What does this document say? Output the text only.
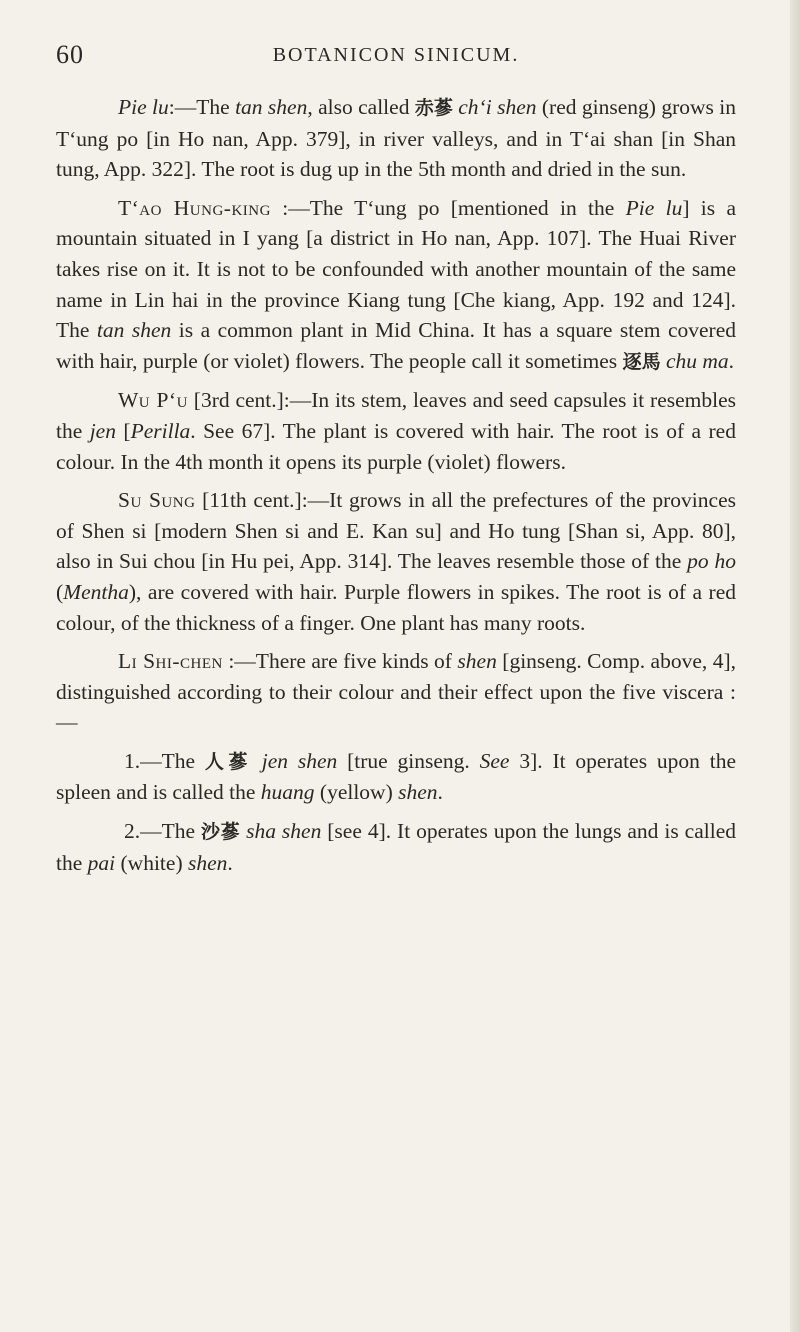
60	BOTANICON SINICUM.

Pie lu:—The tan shen, also called 赤蔘 ch‘i shen (red ginseng) grows in T‘ung po [in Ho nan, App. 379], in river valleys, and in T‘ai shan [in Shan tung, App. 322]. The root is dug up in the 5th month and dried in the sun.

T‘ao Hung-king :—The T‘ung po [mentioned in the Pie lu] is a mountain situated in I yang [a district in Ho nan, App. 107]. The Huai River takes rise on it. It is not to be confounded with another mountain of the same name in Lin hai in the province Kiang tung [Che kiang, App. 192 and 124]. The tan shen is a common plant in Mid China. It has a square stem covered with hair, purple (or violet) flowers. The people call it sometimes 逐馬 chu ma.

Wu P‘u [3rd cent.]:—In its stem, leaves and seed capsules it resembles the jen [Perilla. See 67]. The plant is covered with hair. The root is of a red colour. In the 4th month it opens its purple (violet) flowers.

Su Sung [11th cent.]:—It grows in all the prefectures of the provinces of Shen si [modern Shen si and E. Kan su] and Ho tung [Shan si, App. 80], also in Sui chou [in Hu pei, App. 314]. The leaves resemble those of the po ho (Mentha), are covered with hair. Purple flowers in spikes. The root is of a red colour, of the thickness of a finger. One plant has many roots.

Li Shi-chen :—There are five kinds of shen [ginseng. Comp. above, 4], distinguished according to their colour and their effect upon the five viscera :—

1.—The 人蔘 jen shen [true ginseng. See 3]. It operates upon the spleen and is called the huang (yellow) shen.

2.—The 沙蔘 sha shen [see 4]. It operates upon the lungs and is called the pai (white) shen.
